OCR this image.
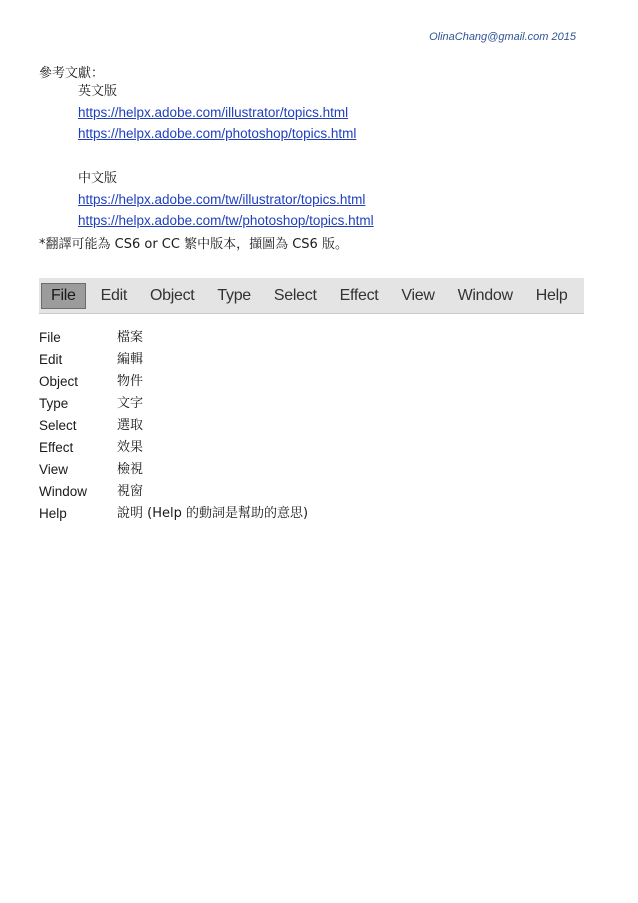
OlinaChang@gmail.com 2015
參考文獻：
英文版
https://helpx.adobe.com/illustrator/topics.html
https://helpx.adobe.com/photoshop/topics.html
中文版
https://helpx.adobe.com/tw/illustrator/topics.html
https://helpx.adobe.com/tw/photoshop/topics.html
*翻譯可能為 CS6 or CC 繁中版本，擷圖為 CS6 版。
File	Edit	Object	Type	Select	Effect	View	Window	Help
File	檔案
Edit	編輯
Object	物件
Type	文字
Select	選取
Effect	效果
View	檢視
Window	視窗
Help	說明 (Help 的動詞是幫助的意思)
